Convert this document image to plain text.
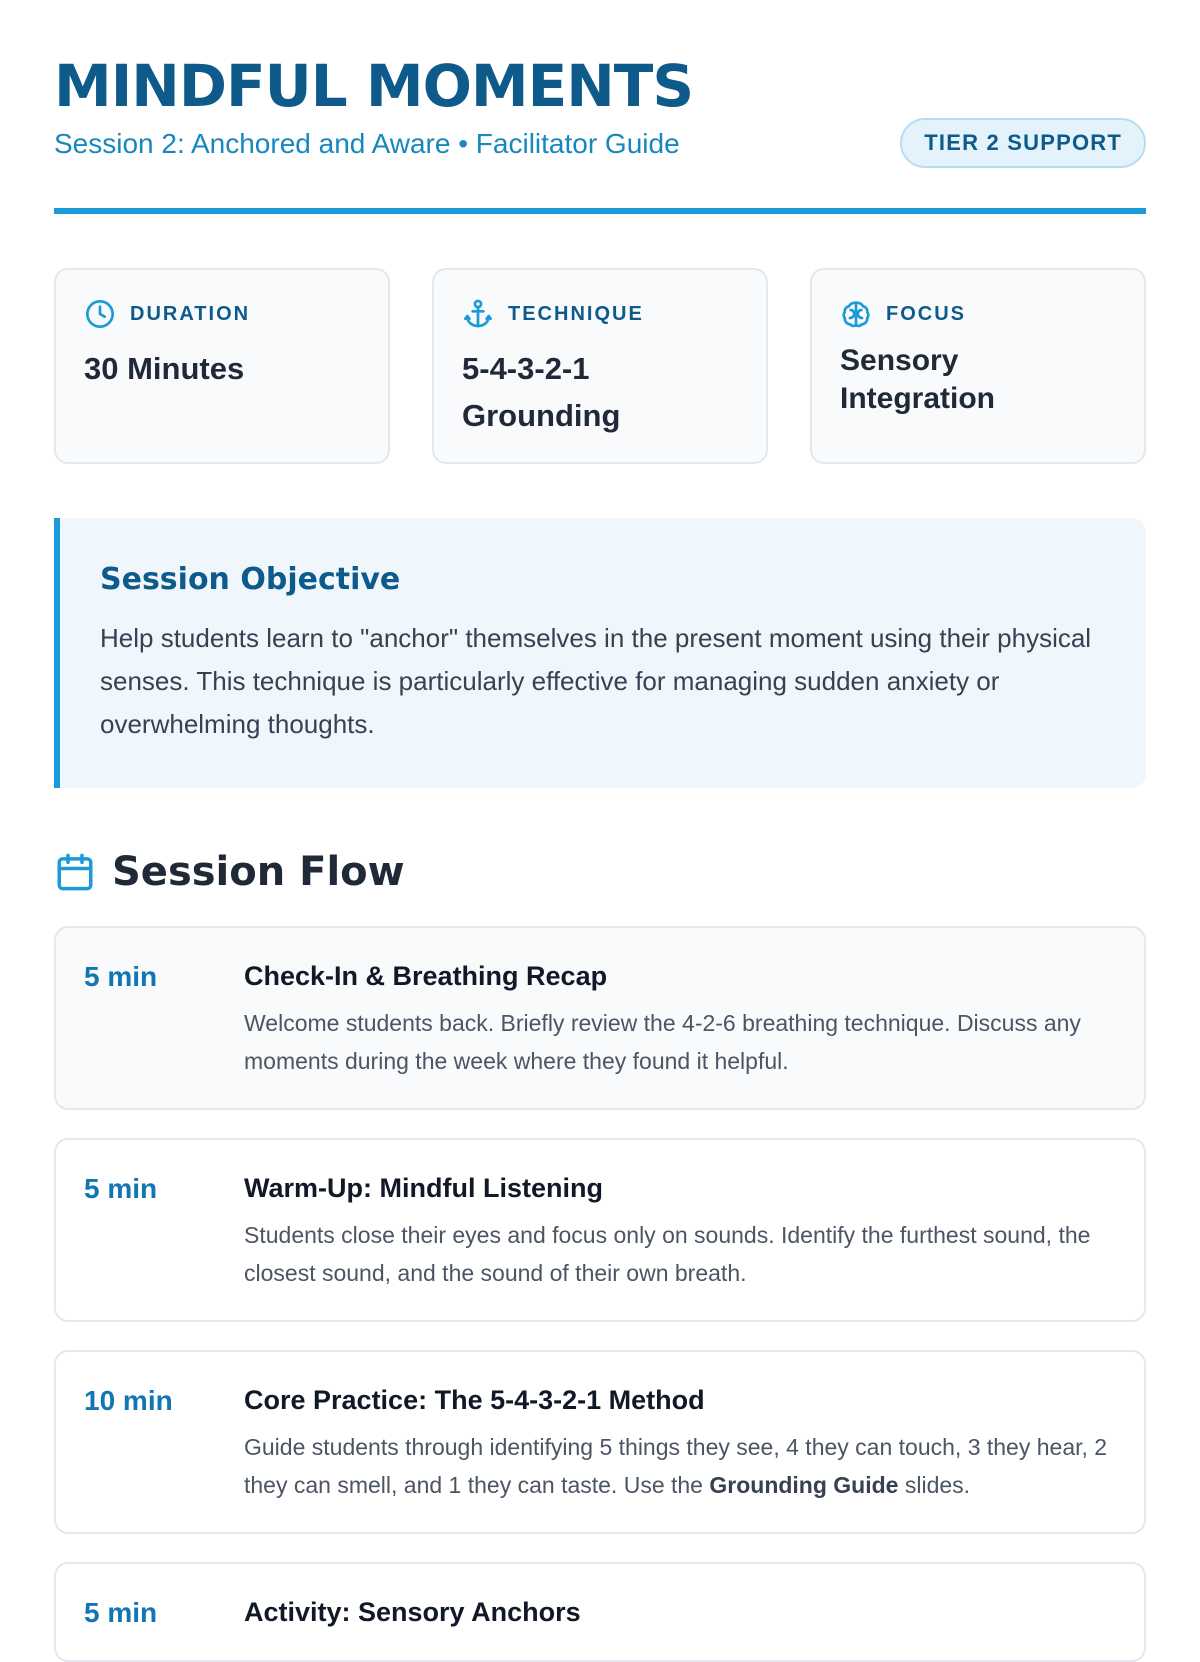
MINDFUL MOMENTS
Session 2: Anchored and Aware • Facilitator Guide	TIER 2 SUPPORT
DURATION
30 Minutes
TECHNIQUE
5-4-3-2-1 Grounding
FOCUS
Sensory Integration
Session Objective

Help students learn to "anchor" themselves in the present moment using their physical senses. This technique is particularly effective for managing sudden anxiety or overwhelming thoughts.

Session Flow
5 min	Check-In & Breathing Recap
Welcome students back. Briefly review the 4-2-6 breathing technique. Discuss any moments during the week where they found it helpful.
5 min	Warm-Up: Mindful Listening
Students close their eyes and focus only on sounds. Identify the furthest sound, the closest sound, and the sound of their own breath.
10 min	Core Practice: The 5-4-3-2-1 Method
Guide students through identifying 5 things they see, 4 they can touch, 3 they hear, 2 they can smell, and 1 they can taste. Use the Grounding Guide slides.
5 min	Activity: Sensory Anchors
